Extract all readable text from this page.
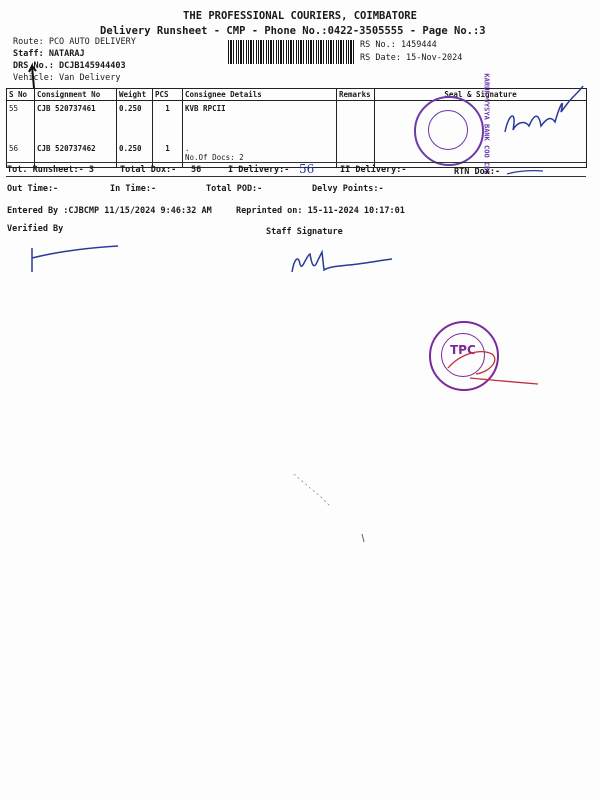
THE PROFESSIONAL COURIERS, COIMBATORE
Delivery Runsheet - CMP - Phone No.:0422-3505555 - Page No.:3
Route: PCO AUTO DELIVERY
Staff: NATARAJ
DRS No.: DCJB145944403
Vehicle: Van Delivery
RS No.: 1459444
RS Date: 15-Nov-2024
S No	Consignment No	Weight	PCS	Consignee Details	Remarks	Seal & Signature
55	CJB 520737461	0.250	1	KVB RPCII		
56	CJB 520737462	0.250	1	.
No.Of Docs: 2		
			KARUR VYSYA BANK COO CBE
Tot. Runsheet:- 3	Total Dox:- 56	I Delivery:- 56	II Delivery:-	RTN Dox:-
Out Time:-	In Time:-	Total POD:-	Delvy Points:-
Entered By :CJBCMP 11/15/2024 9:46:32 AM	Reprinted on: 15-11-2024 10:17:01
Verified By	Staff Signature
TPC
